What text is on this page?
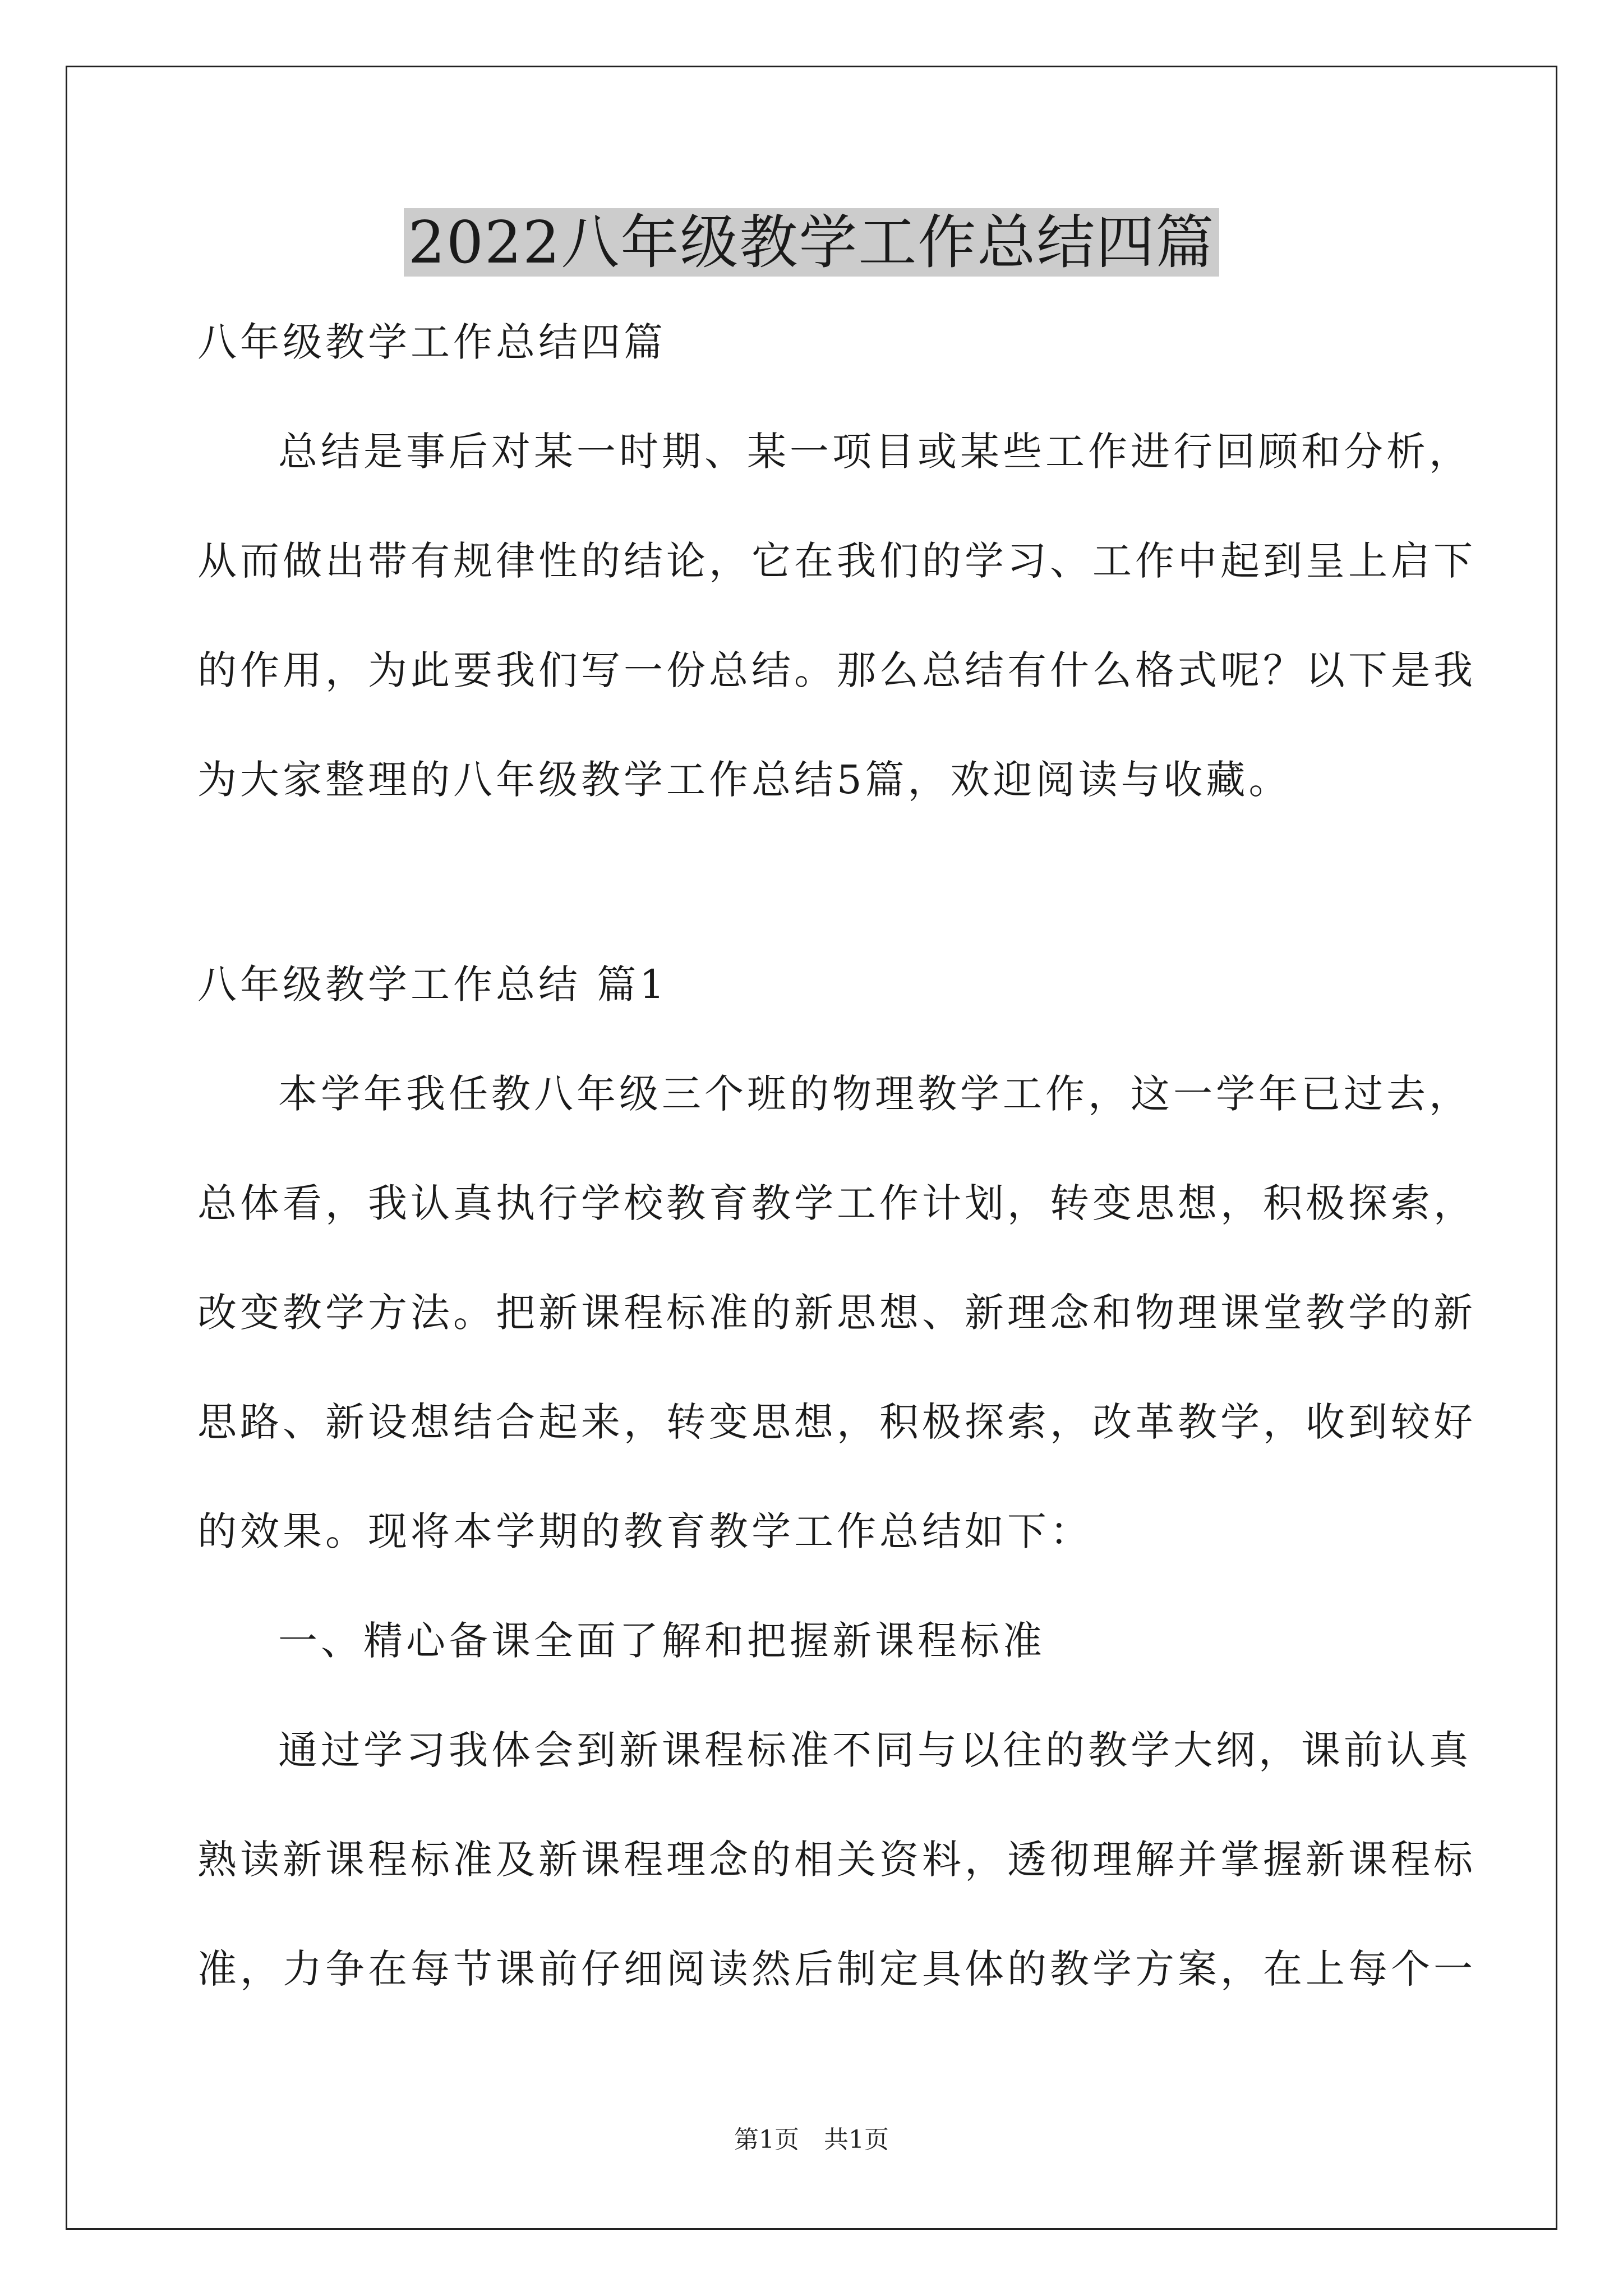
2022八年级教学工作总结四篇
八年级教学工作总结四篇
总结是事后对某一时期、某一项目或某些工作进行回顾和分析，
从而做出带有规律性的结论，它在我们的学习、工作中起到呈上启下
的作用，为此要我们写一份总结。那么总结有什么格式呢？以下是我
为大家整理的八年级教学工作总结5篇，欢迎阅读与收藏。
八年级教学工作总结 篇1
本学年我任教八年级三个班的物理教学工作，这一学年已过去，
总体看，我认真执行学校教育教学工作计划，转变思想，积极探索，
改变教学方法。把新课程标准的新思想、新理念和物理课堂教学的新
思路、新设想结合起来，转变思想，积极探索，改革教学，收到较好
的效果。现将本学期的教育教学工作总结如下：
一、精心备课全面了解和把握新课程标准
通过学习我体会到新课程标准不同与以往的教学大纲，课前认真
熟读新课程标准及新课程理念的相关资料，透彻理解并掌握新课程标
准，力争在每节课前仔细阅读然后制定具体的教学方案，在上每个一
第1页　共1页
